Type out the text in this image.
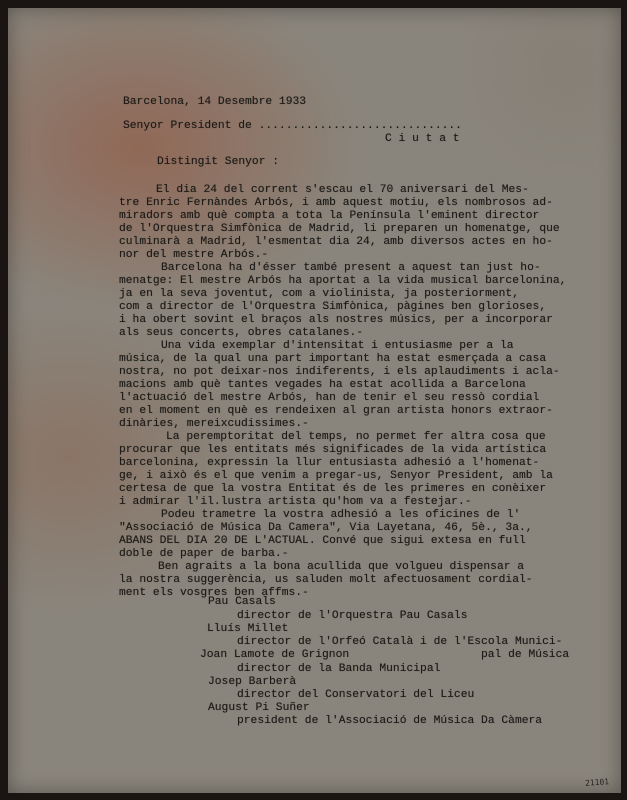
Barcelona, 14 Desembre 1933
Senyor President de ..............................
C i u t a t
Distingit Senyor :
El dia 24 del corrent s'escau el 70 aniversari del Mes-
tre Enric Fernàndes Arbós, i amb aquest motiu, els nombrosos ad-
miradors amb què compta a tota la Península l'eminent director
de l'Orquestra Simfònica de Madrid, li preparen un homenatge, que
culminarà a Madrid, l'esmentat dia 24, amb diversos actes en ho-
nor del mestre Arbós.-
Barcelona ha d'ésser també present a aquest tan just ho-
menatge: El mestre Arbós ha aportat a la vida musical barcelonina,
ja en la seva joventut, com a violinista, ja posteriorment,
com a director de l'Orquestra Simfònica, pàgines ben glorioses,
i ha obert sovint el braços als nostres músics, per a incorporar
als seus concerts, obres catalanes.-
Una vida exemplar d'intensitat i entusiasme per a la
música, de la qual una part important ha estat esmerçada a casa
nostra, no pot deixar-nos indiferents, i els aplaudiments i acla-
macions amb què tantes vegades ha estat acollida a Barcelona
l'actuació del mestre Arbós, han de tenir el seu ressò cordial
en el moment en què es rendeixen al gran artista honors extraor-
dinàries, mereixcudissimes.-
La peremptoritat del temps, no permet fer altra cosa que
procurar que les entitats més significades de la vida artística
barcelonina, expressin la llur entusiasta adhesió a l'homenat-
ge, i això és el que venim a pregar-us, Senyor President, amb la
certesa de que la vostra Entitat és de les primeres en conèixer
i admirar l'il.lustra artista qu'hom va a festejar.-
Podeu trametre la vostra adhesió a les oficines de l'
"Associació de Música Da Camera", Via Layetana, 46, 5è., 3a.,
ABANS DEL DIA 20 DE L'ACTUAL. Convé que sigui extesa en full
doble de paper de barba.-
Ben agraits a la bona acullida que volgueu dispensar a
la nostra suggerència, us saluden molt afectuosament cordial-
ment els vosgres ben affms.-
Pau Casals
director de l'Orquestra Pau Casals
Lluís Millet
director de l'Orfeó Català i de l'Escola Munici-
pal de Música
Joan Lamote de Grignon
director de la Banda Municipal
Josep Barberà
director del Conservatori del Liceu
August Pi Suñer
president de l'Associació de Música Da Càmera
21101
